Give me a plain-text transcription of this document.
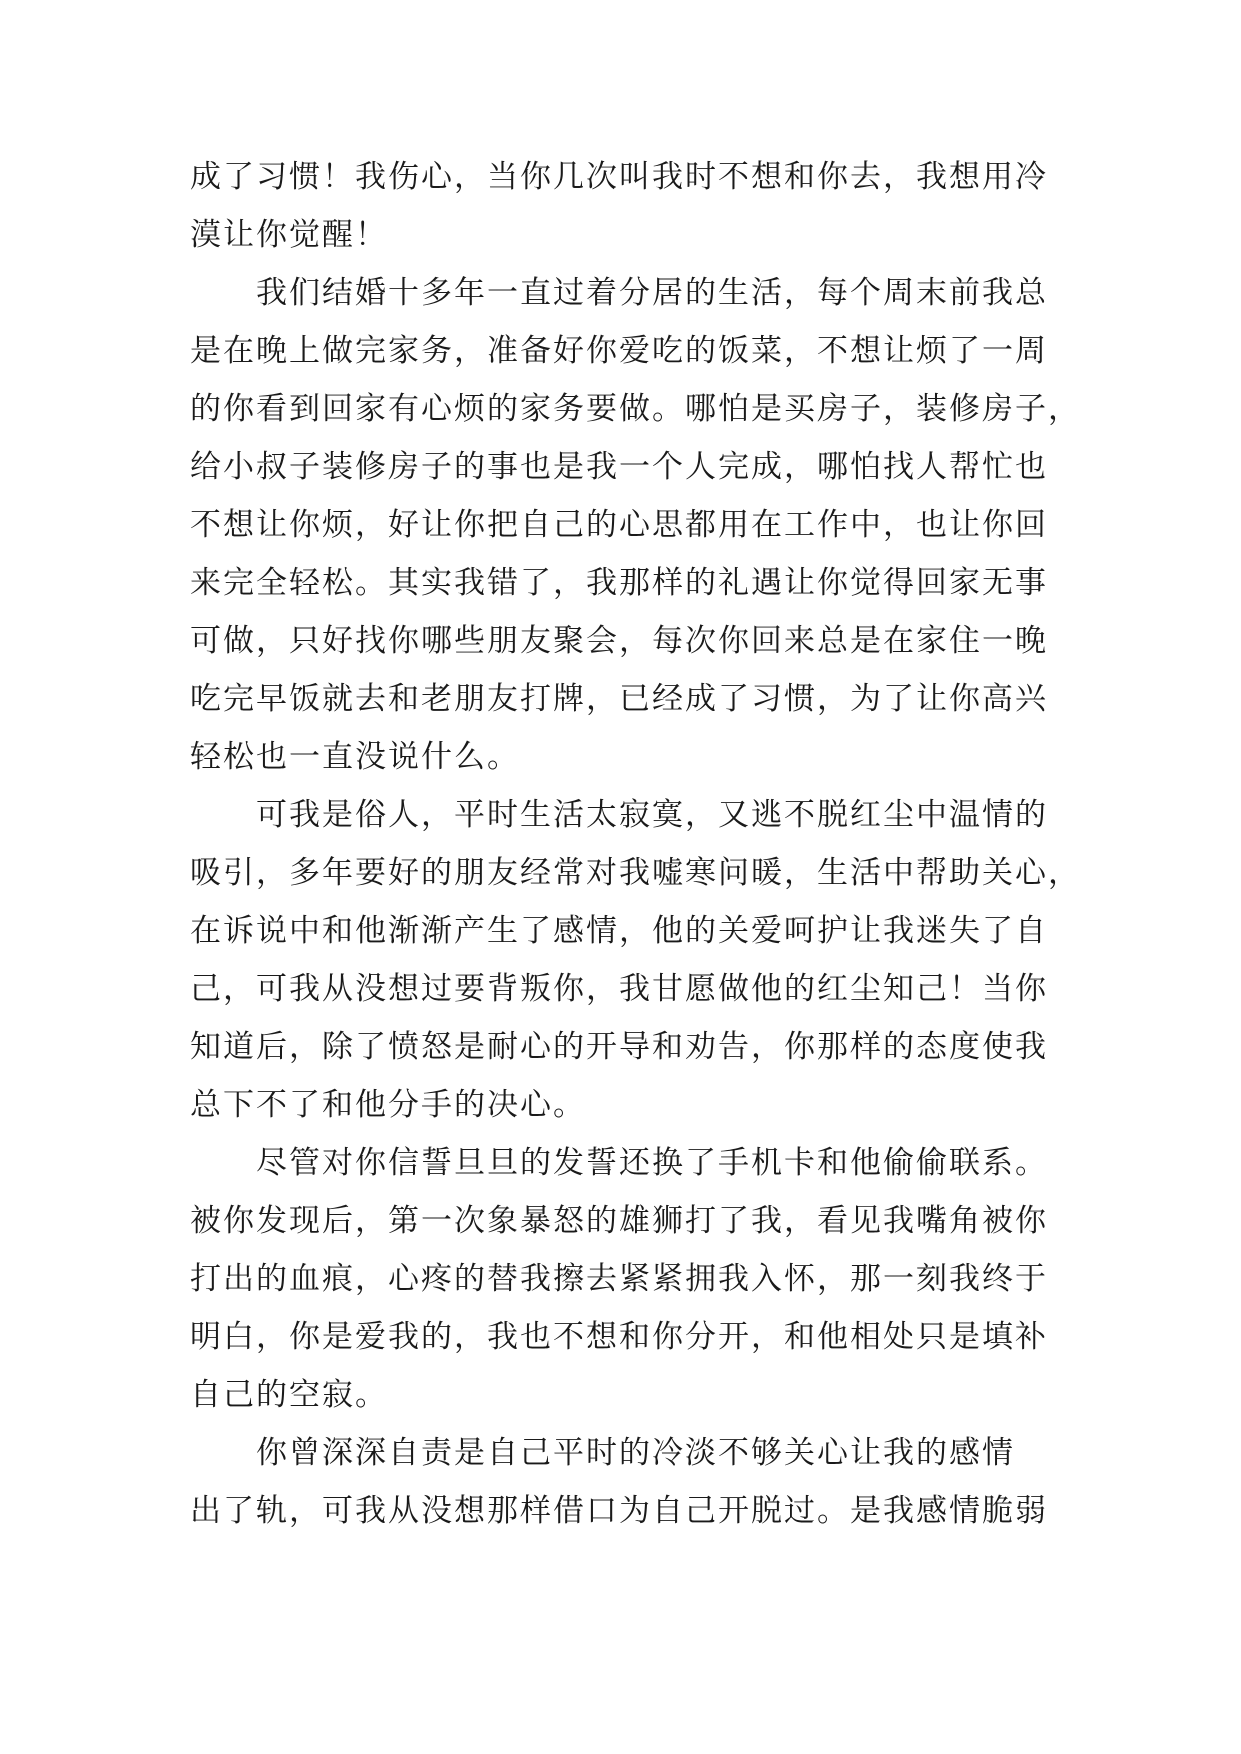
成了习惯！我伤心，当你几次叫我时不想和你去，我想用冷
漠让你觉醒！
我们结婚十多年一直过着分居的生活，每个周末前我总
是在晚上做完家务，准备好你爱吃的饭菜，不想让烦了一周
的你看到回家有心烦的家务要做。哪怕是买房子，装修房子，
给小叔子装修房子的事也是我一个人完成，哪怕找人帮忙也
不想让你烦，好让你把自己的心思都用在工作中，也让你回
来完全轻松。其实我错了，我那样的礼遇让你觉得回家无事
可做，只好找你哪些朋友聚会，每次你回来总是在家住一晚
吃完早饭就去和老朋友打牌，已经成了习惯，为了让你高兴
轻松也一直没说什么。
可我是俗人，平时生活太寂寞，又逃不脱红尘中温情的
吸引，多年要好的朋友经常对我嘘寒问暖，生活中帮助关心，
在诉说中和他渐渐产生了感情，他的关爱呵护让我迷失了自
己，可我从没想过要背叛你，我甘愿做他的红尘知己！当你
知道后，除了愤怒是耐心的开导和劝告，你那样的态度使我
总下不了和他分手的决心。
尽管对你信誓旦旦的发誓还换了手机卡和他偷偷联系。
被你发现后，第一次象暴怒的雄狮打了我，看见我嘴角被你
打出的血痕，心疼的替我擦去紧紧拥我入怀，那一刻我终于
明白，你是爱我的，我也不想和你分开，和他相处只是填补
自己的空寂。
你曾深深自责是自己平时的冷淡不够关心让我的感情
出了轨，可我从没想那样借口为自己开脱过。是我感情脆弱
